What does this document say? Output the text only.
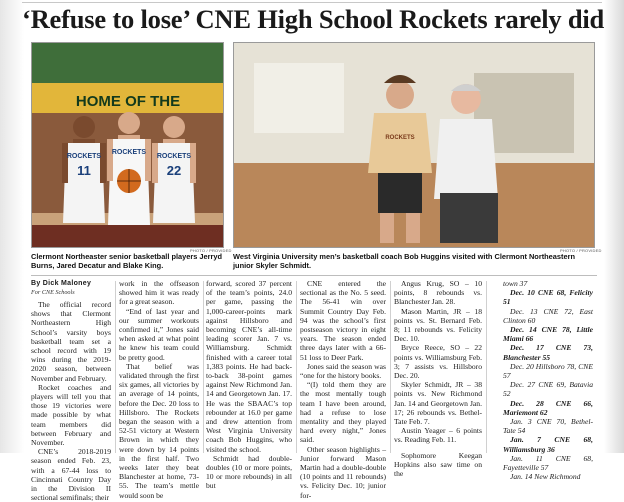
‘Refuse to lose’ CNE High School Rockets rarely did
HOME OF THE
ROCKETS
11
ROCKETS
ROCKETS
22
PHOTO / PROVIDED
Clermont Northeaster senior basketball players Jerryd Burns, Jared Decatur and Blake King.
ROCKETS
PHOTO / PROVIDED
West Virginia University men’s basketball coach Bob Huggins visited with Clermont Northeastern junior Skyler Schmidt.

By Dick Maloney

For CNE Schools

The official record shows that Clermont Northeastern High School’s varsity boys basketball team set a school record with 19 wins during the 2019-2020 season, between November and February.

Rocket coaches and players will tell you that those 19 victories were made possible by what team members did between February and November.

CNE’s 2018-2019 season ended Feb. 23, with a 67-44 loss to Cincinnati Country Day in the Division II sectional semifinals; their

work in the offseason showed him it was ready for a great season.

“End of last year and our summer workouts confirmed it,” Jones said when asked at what point he knew his team could be pretty good.

That belief was validated through the first six games, all victories by an average of 14 points, before the Dec. 20 loss to Hillsboro. The Rockets began the season with a 52-51 victory at Western Brown in which they were down by 14 points in the first half. Two weeks later they beat Blanchester at home, 73-55. The team’s mettle would soon be

forward, scored 37 percent of the team’s points, 24.0 per game, passing the 1,000-career-points mark against Hillsboro and becoming CNE’s all-time leading scorer Jan. 7 vs. Williamsburg. Schmidt finished with a career total 1,383 points. He had back-to-back 38-point games against New Richmond Jan. 14 and Georgetown Jan. 17. He was the SBAAC’s top rebounder at 16.0 per game and drew attention from West Virginia University coach Bob Huggins, who visited the school.

Schmidt had double-doubles (10 or more points, 10 or more rebounds) in all but

CNE entered the sectional as the No. 5 seed. The 56-41 win over Summit Country Day Feb. 94 was the school’s first postseason victory in eight years. The season ended three days later with a 66-51 loss to Deer Park.

Jones said the season was “one for the history books.

“(I) told them they are the most mentally tough team I have been around, had a refuse to lose mentality and they played hard every night,” Jones said.

Other season highlights – Junior forward Mason Martin had a double-double (10 points and 11 rebounds) vs. Felicity Dec. 10; junior for-

Angus Krug, SO – 10 points, 8 rebounds vs. Blanchester Jan. 28.

Mason Martin, JR – 18 points vs. St. Bernard Feb. 8; 11 rebounds vs. Felicity Dec. 10.

Bryce Reece, SO – 22 points vs. Williamsburg Feb. 3; 7 assists vs. Hillsboro Dec. 20.

Skyler Schmidt, JR – 38 points vs. New Richmond Jan. 14 and Georgetown Jan. 17; 26 rebounds vs. Bethel-Tate Feb. 7.

Austin Yeager – 6 points vs. Reading Feb. 11.

Sophomore Keegan Hopkins also saw time on the

town 37

Dec. 10 CNE 68, Felicity 51

Dec. 13 CNE 72, East Clinton 60

Dec. 14 CNE 78, Little Miami 66

Dec. 17 CNE 73, Blanchester 55

Dec. 20 Hillsboro 78, CNE 57

Dec. 27 CNE 69, Batavia 52

Dec. 28 CNE 66, Mariemont 62

Jan. 3 CNE 70, Bethel-Tate 54

Jan. 7 CNE 68, Williamsburg 36

Jan. 11 CNE 68, Fayetteville 57

Jan. 14 New Richmond
